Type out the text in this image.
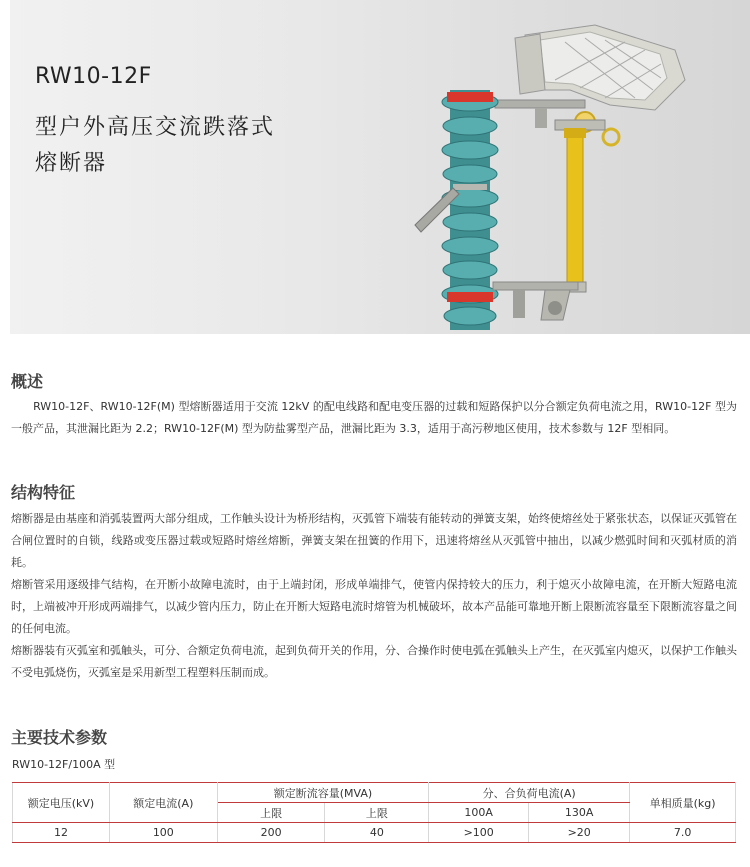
RW10-12F
型户外高压交流跌落式
熔断器
概述
　　RW10-12F、RW10-12F(M) 型熔断器适用于交流 12kV 的配电线路和配电变压器的过载和短路保护以分合额定负荷电流之用，RW10-12F 型为一般产品，其泄漏比距为 2.2；RW10-12F(M) 型为防盐雾型产品，泄漏比距为 3.3，适用于高污秽地区使用，技术参数与 12F 型相同。
结构特征
熔断器是由基座和消弧装置两大部分组成，工作触头设计为桥形结构，灭弧管下端装有能转动的弹簧支架，始终使熔丝处于紧张状态，以保证灭弧管在合闸位置时的自锁，线路或变压器过载或短路时熔丝熔断，弹簧支架在扭簧的作用下，迅速将熔丝从灭弧管中抽出，以减少燃弧时间和灭弧材质的消耗。
熔断管采用逐级排气结构，在开断小故障电流时，由于上端封闭，形成单端排气，使管内保持较大的压力，利于熄灭小故障电流，在开断大短路电流时，上端被冲开形成两端排气，以减少管内压力，防止在开断大短路电流时熔管为机械破坏，故本产品能可靠地开断上限断流容量至下限断流容量之间的任何电流。
熔断器装有灭弧室和弧触头，可分、合额定负荷电流，起到负荷开关的作用，分、合操作时使电弧在弧触头上产生，在灭弧室内熄灭，以保护工作触头不受电弧烧伤，灭弧室是采用新型工程塑料压制而成。
主要技术参数
RW10-12F/100A 型
额定电压(kV)	额定电流(A)	额定断流容量(MVA)		分、合负荷电流(A)		单相质量(kg)
		上限	上限	100A	130A	
12	100	200	40	>100	>20	7.0
